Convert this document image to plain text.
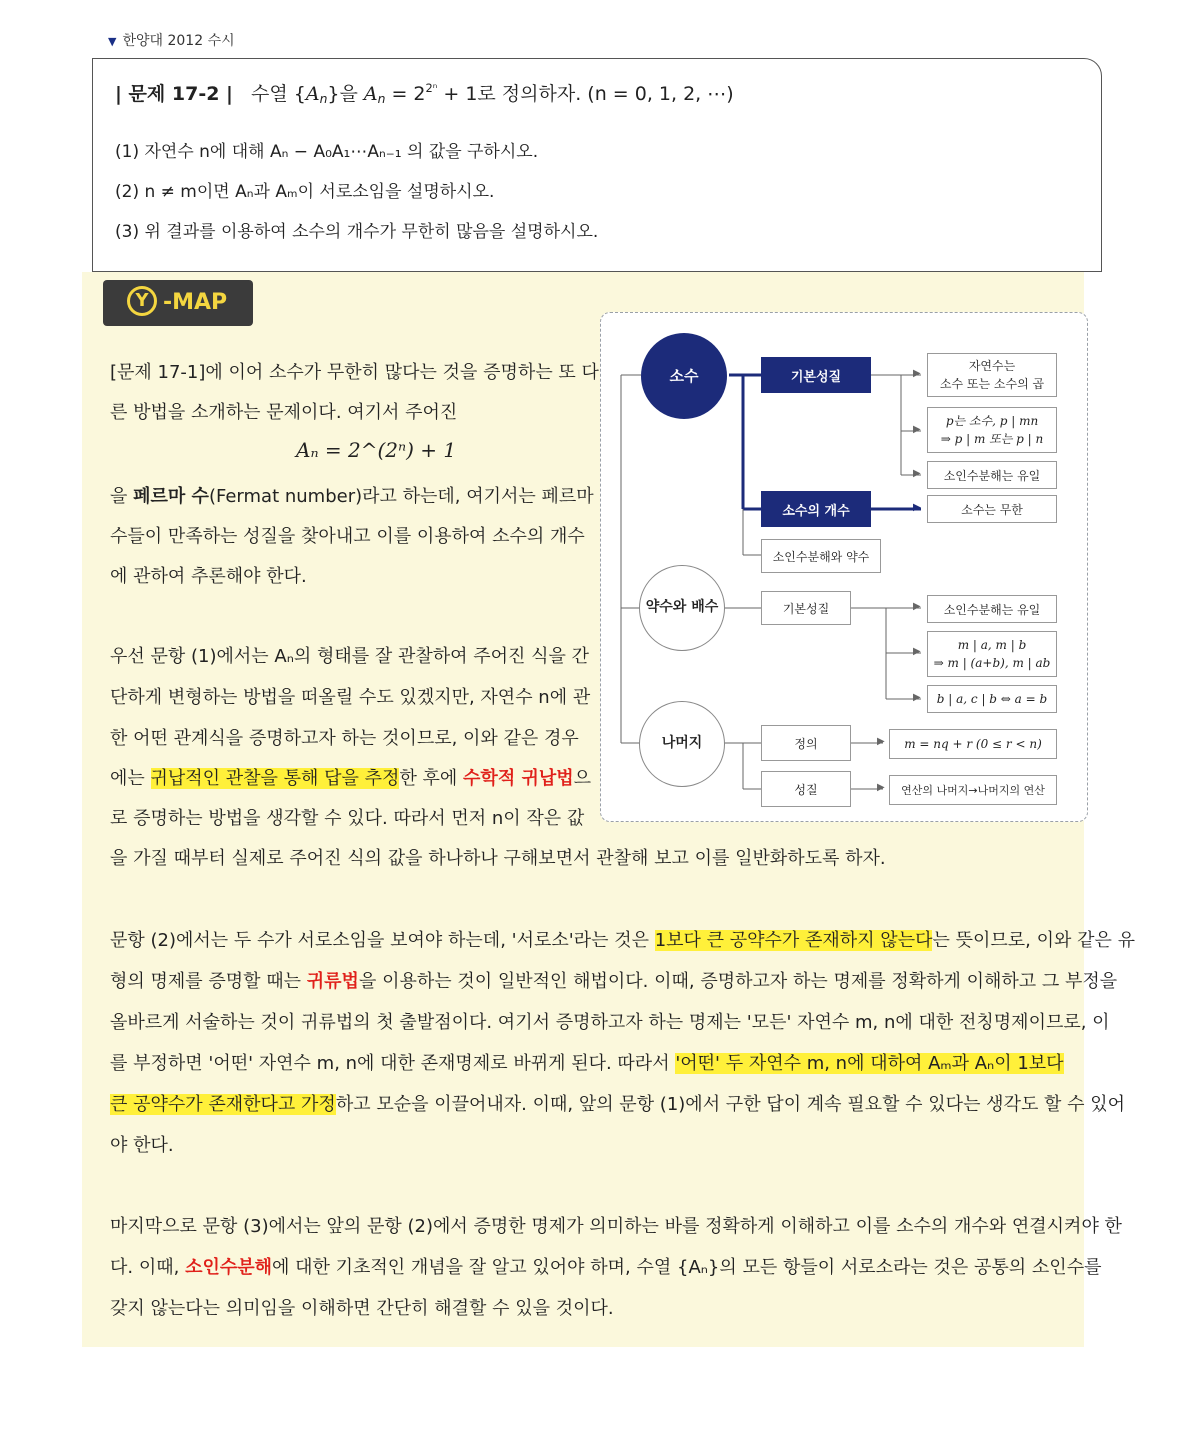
▼ 한양대 2012 수시
| 문제 17-2 | 수열 $\{A_n\}$을 $A_n = 2^{2^n} + 1$로 정의하자. (n = 0, 1, 2, ⋯)
(1) 자연수 n에 대해 Aₙ − A₀A₁⋯Aₙ₋₁ 의 값을 구하시오.
(2) n ≠ m이면 Aₙ과 Aₘ이 서로소임을 설명하시오.
(3) 위 결과를 이용하여 소수의 개수가 무한히 많음을 설명하시오.
Y -MAP
[문제 17-1]에 이어 소수가 무한히 많다는 것을 증명하는 또 다
른 방법을 소개하는 문제이다. 여기서 주어진
Aₙ = 2^(2ⁿ) + 1
을 페르마 수(Fermat number)라고 하는데, 여기서는 페르마
수들이 만족하는 성질을 찾아내고 이를 이용하여 소수의 개수
에 관하여 추론해야 한다.
우선 문항 (1)에서는 Aₙ의 형태를 잘 관찰하여 주어진 식을 간
단하게 변형하는 방법을 떠올릴 수도 있겠지만, 자연수 n에 관
한 어떤 관계식을 증명하고자 하는 것이므로, 이와 같은 경우
에는 귀납적인 관찰을 통해 답을 추정한 후에 수학적 귀납법으
로 증명하는 방법을 생각할 수 있다. 따라서 먼저 n이 작은 값
을 가질 때부터 실제로 주어진 식의 값을 하나하나 구해보면서 관찰해 보고 이를 일반화하도록 하자.
문항 (2)에서는 두 수가 서로소임을 보여야 하는데, '서로소'라는 것은 1보다 큰 공약수가 존재하지 않는다는 뜻이므로, 이와 같은 유
형의 명제를 증명할 때는 귀류법을 이용하는 것이 일반적인 해법이다. 이때, 증명하고자 하는 명제를 정확하게 이해하고 그 부정을
올바르게 서술하는 것이 귀류법의 첫 출발점이다. 여기서 증명하고자 하는 명제는 '모든' 자연수 m, n에 대한 전칭명제이므로, 이
를 부정하면 '어떤' 자연수 m, n에 대한 존재명제로 바뀌게 된다. 따라서 '어떤' 두 자연수 m, n에 대하여 Aₘ과 Aₙ이 1보다
큰 공약수가 존재한다고 가정하고 모순을 이끌어내자. 이때, 앞의 문항 (1)에서 구한 답이 계속 필요할 수 있다는 생각도 할 수 있어
야 한다.
마지막으로 문항 (3)에서는 앞의 문항 (2)에서 증명한 명제가 의미하는 바를 정확하게 이해하고 이를 소수의 개수와 연결시켜야 한
다. 이때, 소인수분해에 대한 기초적인 개념을 잘 알고 있어야 하며, 수열 {Aₙ}의 모든 항들이 서로소라는 것은 공통의 소인수를
갖지 않는다는 의미임을 이해하면 간단히 해결할 수 있을 것이다.
소수
약수와 배수
나머지
기본성질
소수의 개수
소인수분해와 약수
기본성질
정의
성질
자연수는
소수 또는 소수의 곱
p는 소수, p | mn
⇒ p | m 또는 p | n
소인수분해는 유일
소수는 무한
소인수분해는 유일
m | a, m | b
⇒ m | (a+b), m | ab
b | a, c | b ⇔ a = b
m = nq + r (0 ≤ r < n)
연산의 나머지→나머지의 연산
▶
▶
▶
▶
▶
▶
▶
▶
▶
